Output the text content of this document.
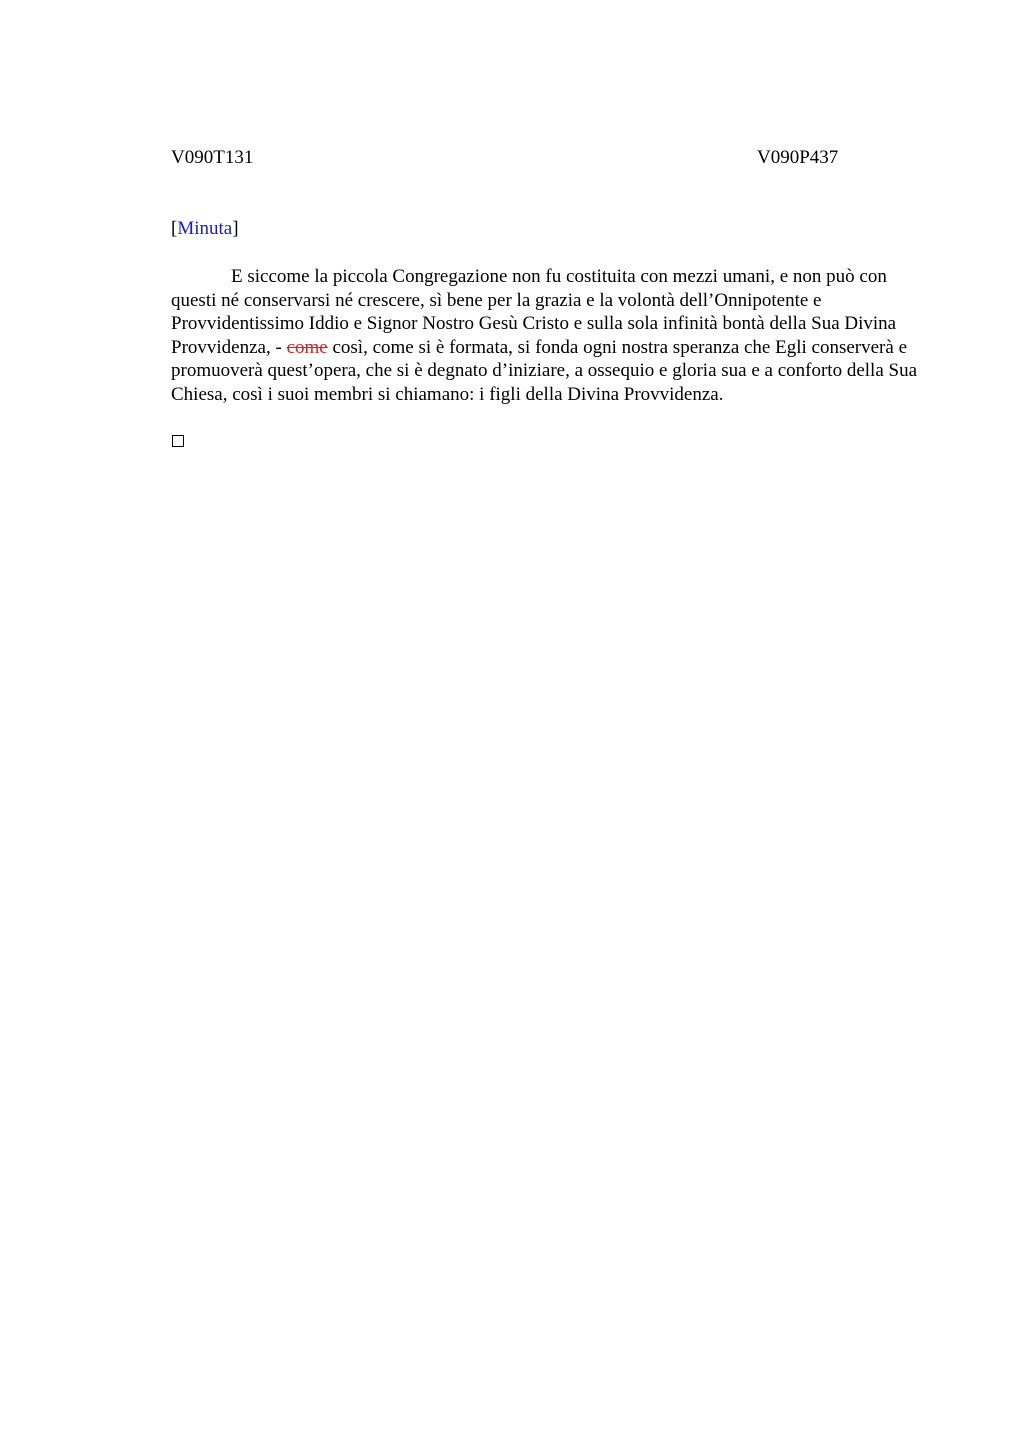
V090T131	V090P437
[Minuta]

E siccome la piccola Congregazione non fu costituita con mezzi umani, e non può con questi né conservarsi né crescere, sì bene per la grazia e la volontà dell’Onnipotente e Provvidentissimo Iddio e Signor Nostro Gesù Cristo e sulla sola infinità bontà della Sua Divina Provvidenza, - come così, come si è formata, si fonda ogni nostra speranza che Egli conserverà e promuoverà quest’opera, che si è degnato d’iniziare, a ossequio e gloria sua e a conforto della Sua Chiesa, così i suoi membri si chiamano: i figli della Divina Provvidenza.
